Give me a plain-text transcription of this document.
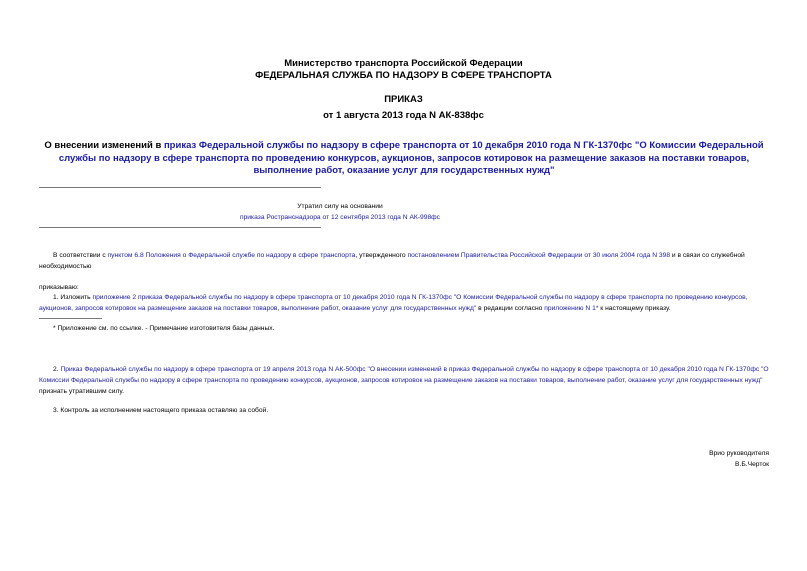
Министерство транспорта Российской Федерации
ФЕДЕРАЛЬНАЯ СЛУЖБА ПО НАДЗОРУ В СФЕРЕ ТРАНСПОРТА
ПРИКАЗ
от 1 августа 2013 года N АК-838фс
О внесении изменений в приказ Федеральной службы по надзору в сфере транспорта от 10 декабря 2010 года N ГК-1370фс "О Комиссии Федеральной службы по надзору в сфере транспорта по проведению конкурсов, аукционов, запросов котировок на размещение заказов на поставки товаров, выполнение работ, оказание услуг для государственных нужд"
Утратил силу на основании
приказа Ространснадзора от 12 сентября 2013 года N АК-998фс
В соответствии с пунктом 6.8 Положения о Федеральной службе по надзору в сфере транспорта, утвержденного постановлением Правительства Российской Федерации от 30 июля 2004 года N 398 и в связи со служебной необходимостью
приказываю:
1. Изложить приложение 2 приказа Федеральной службы по надзору в сфере транспорта от 10 декабря 2010 года N ГК-1370фс "О Комиссии Федеральной службы по надзору в сфере транспорта по проведению конкурсов, аукционов, запросов котировок на размещение заказов на поставки товаров, выполнение работ, оказание услуг для государственных нужд" в редакции согласно приложению N 1* к настоящему приказу.
* Приложение см. по ссылке. - Примечание изготовителя базы данных.
2. Приказ Федеральной службы по надзору в сфере транспорта от 19 апреля 2013 года N АК-500фс "О внесении изменений в приказ Федеральной службы по надзору в сфере транспорта от 10 декабря 2010 года N ГК-1370фс "О Комиссии Федеральной службы по надзору в сфере транспорта по проведению конкурсов, аукционов, запросов котировок на размещение заказов на поставки товаров, выполнение работ, оказание услуг для государственных нужд" признать утратившим силу.
3. Контроль за исполнением настоящего приказа оставляю за собой.
Врио руководителя
В.Б.Черток
